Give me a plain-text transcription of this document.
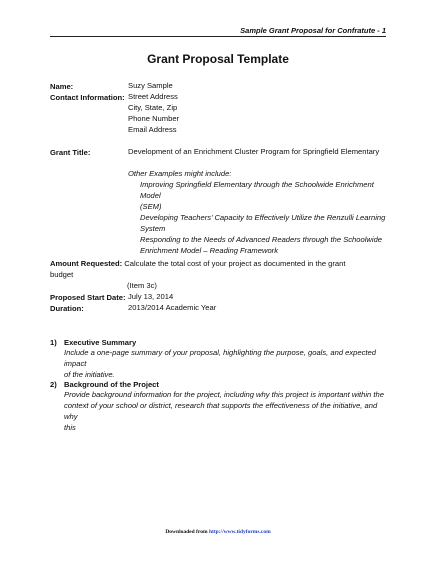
Sample Grant Proposal for Confratute - 1
Grant Proposal Template
Name:	Suzy Sample
Contact Information: Street Address
City, State, Zip
Phone Number
Email Address
Grant Title:	Development of an Enrichment Cluster Program for Springfield Elementary
Other Examples might include:

Improving Springfield Elementary through the Schoolwide Enrichment Model
(SEM)

Developing Teachers’ Capacity to Effectively Utilize the Renzulli Learning
System

Responding to the Needs of Advanced Readers through the Schoolwide
Enrichment Model – Reading Framework

Amount Requested: Calculate the total cost of your project as documented in the grant budget
(Item 3c)
Proposed Start Date: July 13, 2014
Duration:	2013/2014 Academic Year
1) Executive Summary
Include a one-page summary of your proposal, highlighting the purpose, goals, and expected impact
of the initiative.
2) Background of the Project
Provide background information for the project, including why this project is important within the
context of your school or district, research that supports the effectiveness of the initiative, and why
this
Downloaded from http://www.tidyforms.com
